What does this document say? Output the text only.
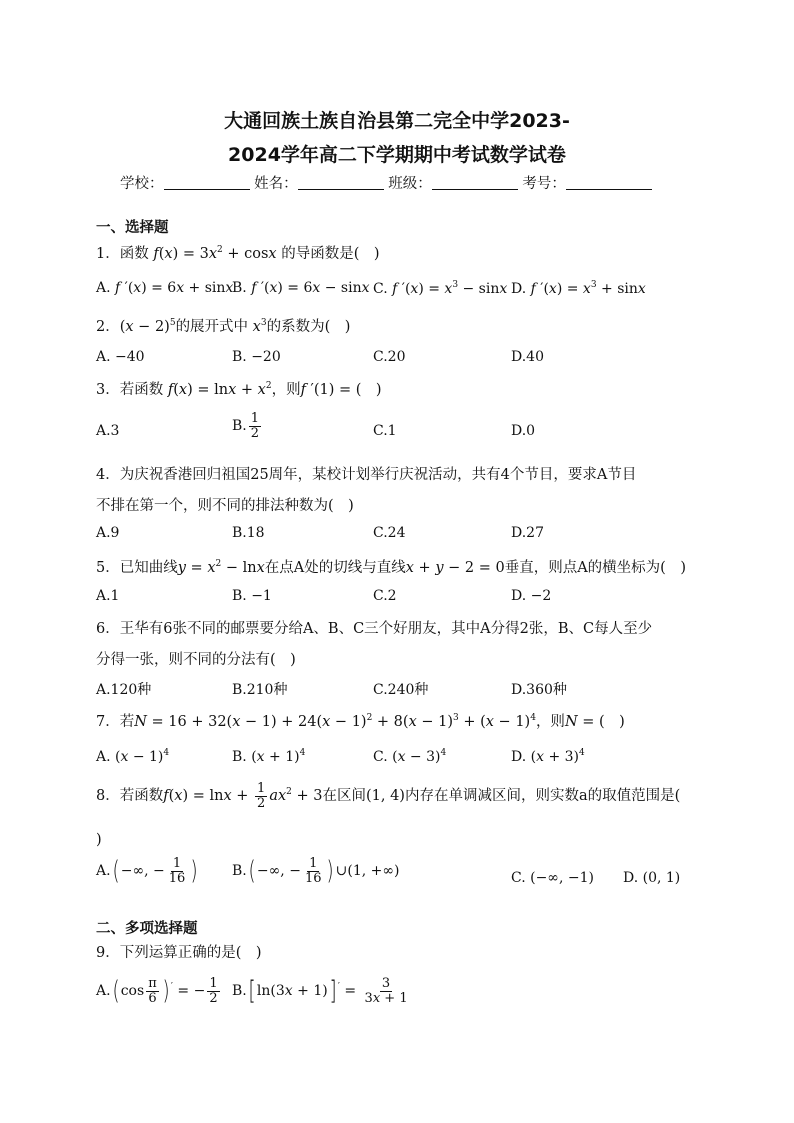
大通回族土族自治县第二完全中学2023-
2024学年高二下学期期中考试数学试卷
学校：	姓名：	班级：	考号：
一、选择题
1．函数 $f(x) = 3x^2 + \cos x$ 的导函数是(　)
A. f ′(x) = 6x + sinx
B. f ′(x) = 6x − sinx C. f $'(x) = x^3 - \sin x$ D. f $'(x) = x^3 + \sin x$
2．$(x - 2)^5$的展开式中 $x^3$的系数为(　)
A. −40	B. −20	C.20	D.40
3．若函数 $f(x) = \ln x + x^2$，则f ′(1) = (　)
A.3	B. $\frac{1}{2}$	C.1	D.0
4．为庆祝香港回归祖国25周年，某校计划举行庆祝活动，共有4个节目，要求A节目
不排在第一个，则不同的排法种数为(　)
A.9	B.18	C.24	D.27
5．已知曲线$y = x^2 - \ln x$在点A处的切线与直线x + y − 2 = 0垂直，则点A的横坐标为(　)
A.1	B. −1	C.2	D. −2
6．王华有6张不同的邮票要分给A、B、C三个好朋友，其中A分得2张，B、C每人至少
分得一张，则不同的分法有(　)
A.120种	B.210种	C.240种	D.360种
7．若$N = 16 + 32(x - 1) + 24(x - 1)^2 + 8(x - 1)^3 + (x - 1)^4$，则N = (　)
A. $(x - 1)^4$	B. $(x + 1)^4$	C. $(x - 3)^4$	D. $(x + 3)^4$
8．若函数$f(x) = \ln x + \frac{1}{2} ax^2 + 3$在区间(1, 4)内存在单调减区间，则实数a的取值范围是(
)
A.( −∞, − $\frac{1}{16}$ ) B.( −∞, − $\frac{1}{16}$ ) ∪(1, +∞)	C. (−∞, −1) D. (0, 1)
二、多项选择题
9．下列运算正确的是(　)
A.( $\cos \frac{\pi}{6}$ ) ′ = − $\frac{1}{2} B$.[ ln(3x + 1)] $' = \frac{3}{3x + 1}$
